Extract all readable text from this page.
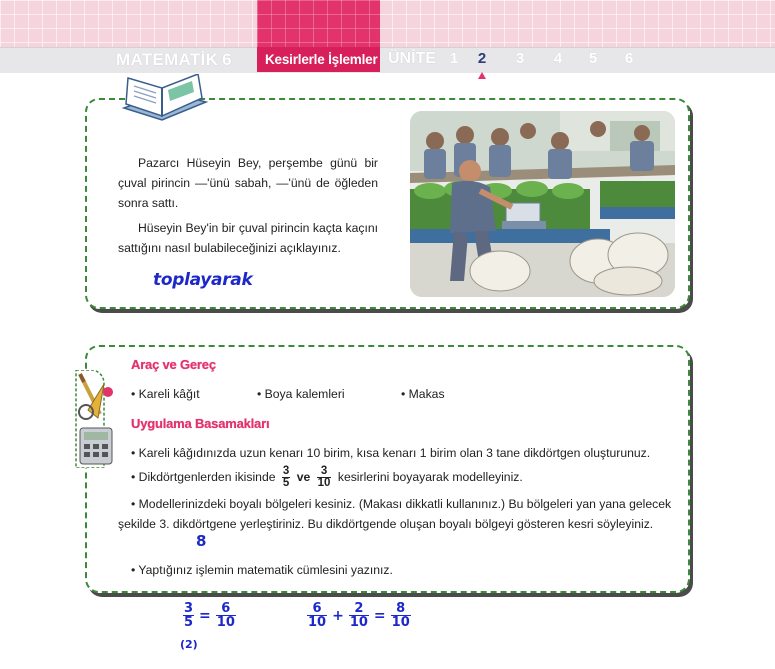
MATEMATİK 6 Kesirlerle İşlemler ÜNİTE 1	2	3	4	5	6

Pazarcı Hüseyin Bey, perşembe günü bir çuval pirincin —'ünü sabah, —'ünü de öğleden sonra sattı.

Hüseyin Bey'in bir çuval pirincin kaçta kaçını sattığını nasıl bulabileceğinizi açıklayınız.

toplayarak
Araç ve Gereç
• Kareli kâğıt	• Boya kalemleri	• Makas
Uygulama Basamakları
• Kareli kâğıdınızda uzun kenarı 10 birim, kısa kenarı 1 birim olan 3 tane dikdörtgen oluşturunuz.
• Dikdörtgenlerden ikisinde $\frac{3}{5}$ ve $\frac{3}{10}$ kesirlerini boyayarak modelleyiniz.
• Modellerinizdeki boyalı bölgeleri kesiniz. (Makası dikkatli kullanınız.) Bu bölgeleri yan yana gelecek şekilde 3. dikdörtgene yerleştiriniz. Bu dikdörtgende oluşan boyalı bölgeyi gösteren kesri söyleyiniz.
8
• Yaptığınız işlemin matematik cümlesini yazınız.
$\frac{3}{5} = \frac{6}{10}$
(2)
$\frac{6}{10} + \frac{2}{10} = \frac{8}{10}$
